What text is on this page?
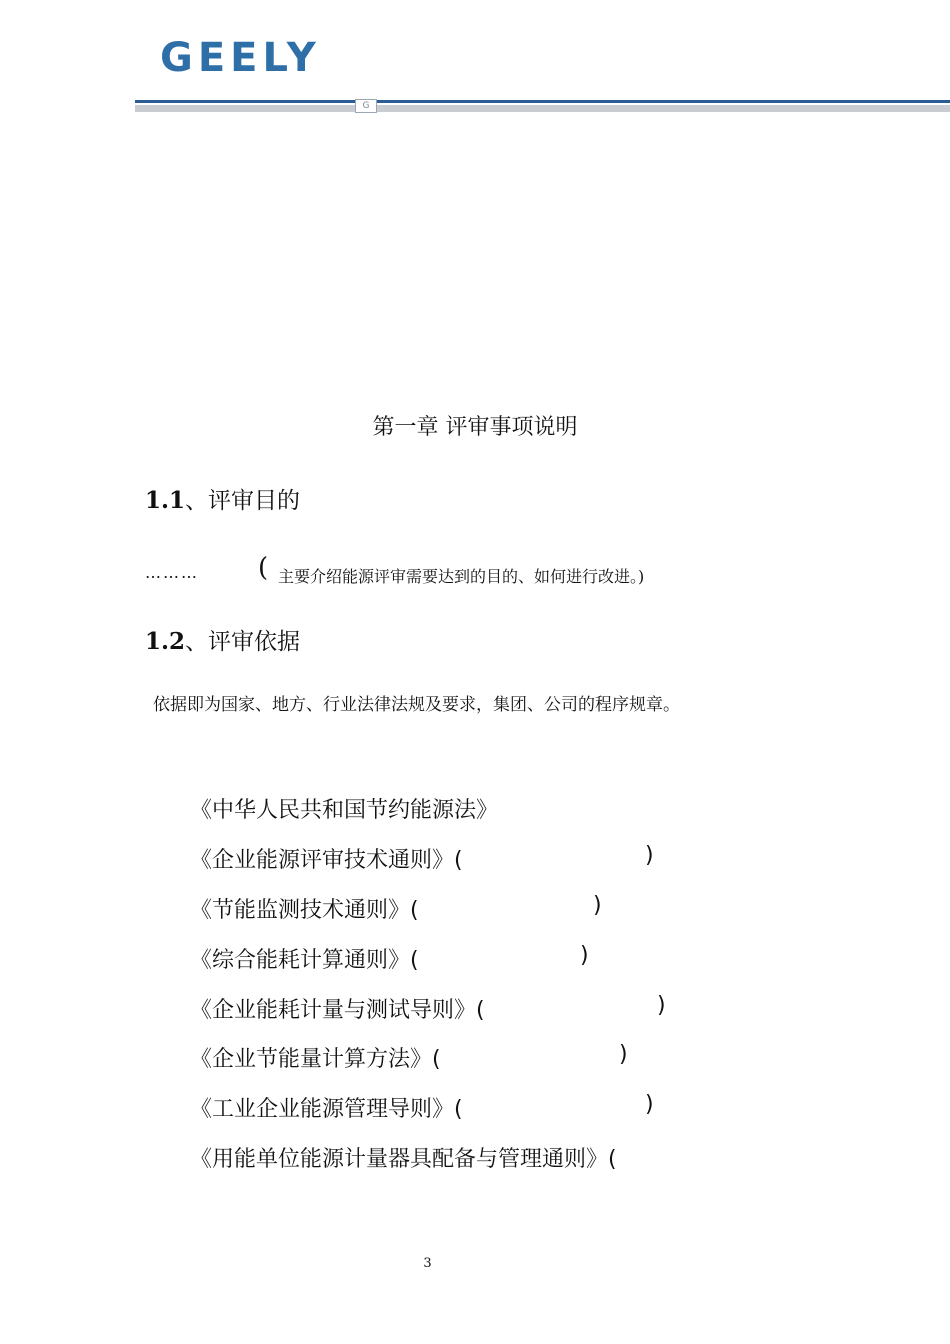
GEELY
G
第一章 评审事项说明
1.1、评审目的
……… ( 主要介绍能源评审需要达到的目的、如何进行改进。)
1.2、评审依据
依据即为国家、地方、行业法律法规及要求，集团、公司的程序规章。
《中华人民共和国节约能源法》
《企业能源评审技术通则》(	)
《节能监测技术通则》(	)
《综合能耗计算通则》(	)
《企业能耗计量与测试导则》(	)
《企业节能量计算方法》(	)
《工业企业能源管理导则》(	)
《用能单位能源计量器具配备与管理通则》(
3
